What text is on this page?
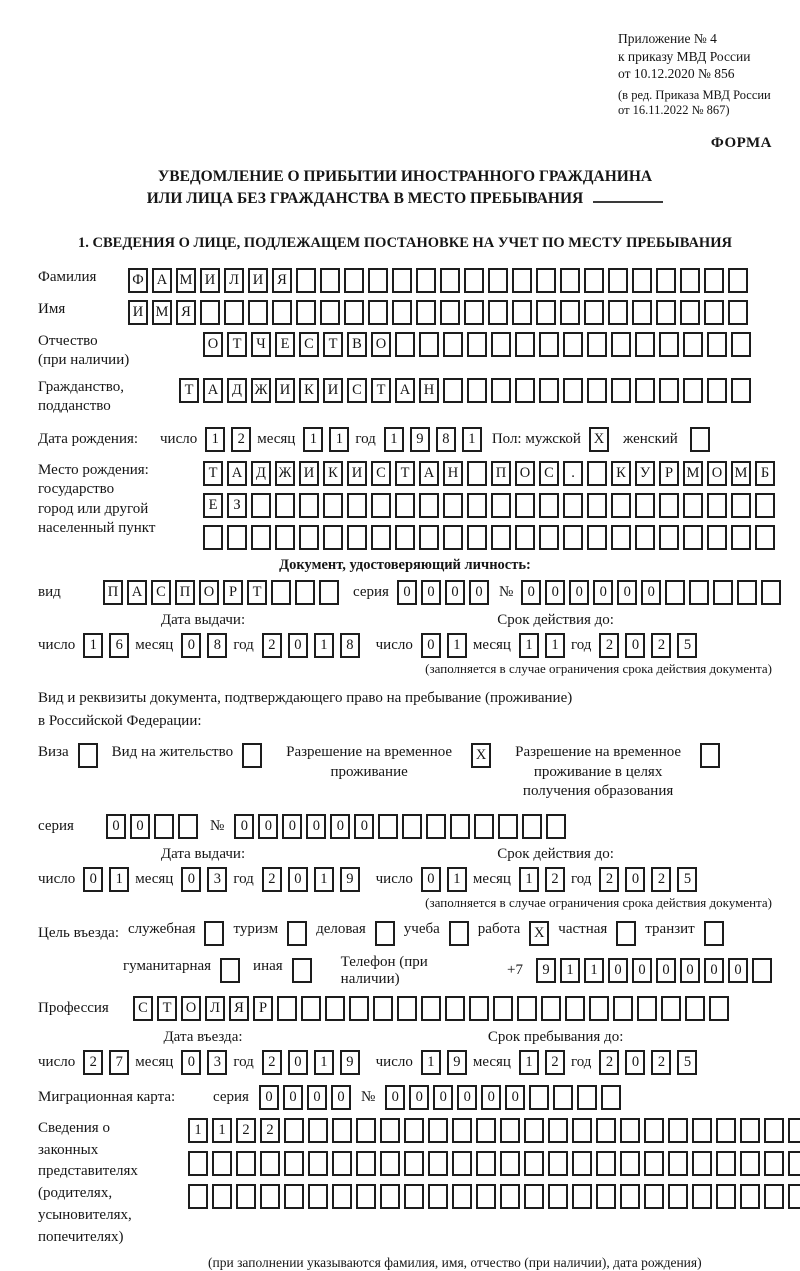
Приложение № 4
к приказу МВД России
от 10.12.2020 № 856
(в ред. Приказа МВД России
от 16.11.2022 № 867)
ФОРМА
УВЕДОМЛЕНИЕ О ПРИБЫТИИ ИНОСТРАННОГО ГРАЖДАНИНА
ИЛИ ЛИЦА БЕЗ ГРАЖДАНСТВА В МЕСТО ПРЕБЫВАНИЯ
1. СВЕДЕНИЯ О ЛИЦЕ, ПОДЛЕЖАЩЕМ ПОСТАНОВКЕ НА УЧЕТ ПО МЕСТУ ПРЕБЫВАНИЯ
Фамилия	Ф А М И Л И Я
Имя	И М Я
Отчество
(при наличии)
О Т	Ч	Е	С	Т	В О
Гражданство,
подданство
Т А Д Ж И К И С	Т А Н
Дата рождения:	число 1	2 месяц 1	1 год 1	9	8	1	Пол: мужской X	женский
Место рождения:
государство
город или другой
населенный пункт
Т А Д Ж И К И С	Т А Н	П О С	.	К У	Р М О М Б
Е	З
Документ, удостоверяющий личность:
вид	П А С П О	Р	Т	серия 0	0	0	0	№ 0	0	0	0	0	0
Дата выдачи:
число 1	6 месяц 0	8 год 2	0	1	8
Срок действия до:
число 0	1 месяц 1	1 год 2	0	2	5
(заполняется в случае ограничения срока действия документа)
Вид и реквизиты документа, подтверждающего право на пребывание (проживание)
в Российской Федерации:
Виза	Вид на жительство	Разрешение на временное проживание
X	Разрешение на временное проживание в целях получения образования
серия	0	0	№	0	0	0	0	0	0
Дата выдачи:
число 0	1 месяц 0	3 год 2	0	1	9
Срок действия до:
число 0	1 месяц 1	2 год 2	0	2	5
(заполняется в случае ограничения срока действия документа)
Цель въезда: служебная	туризм	деловая	учеба	работа X частная	транзит
гуманитарная	иная	Телефон (при наличии)
+7	9	1	1	0	0	0	0	0	0
Профессия	С	Т О Л Я	Р
Дата въезда:
число 2	7 месяц 0	3 год 2	0	1	9
Срок пребывания до:
число 1	9 месяц 1	2 год 2	0	2	5
Миграционная карта:	серия	0	0	0	0	№	0	0	0	0	0	0
Сведения о
законных
представителях
(родителях,
усыновителях,
попечителях)
1	1	2	2
(при заполнении указываются фамилия, имя, отчество (при наличии), дата рождения)
